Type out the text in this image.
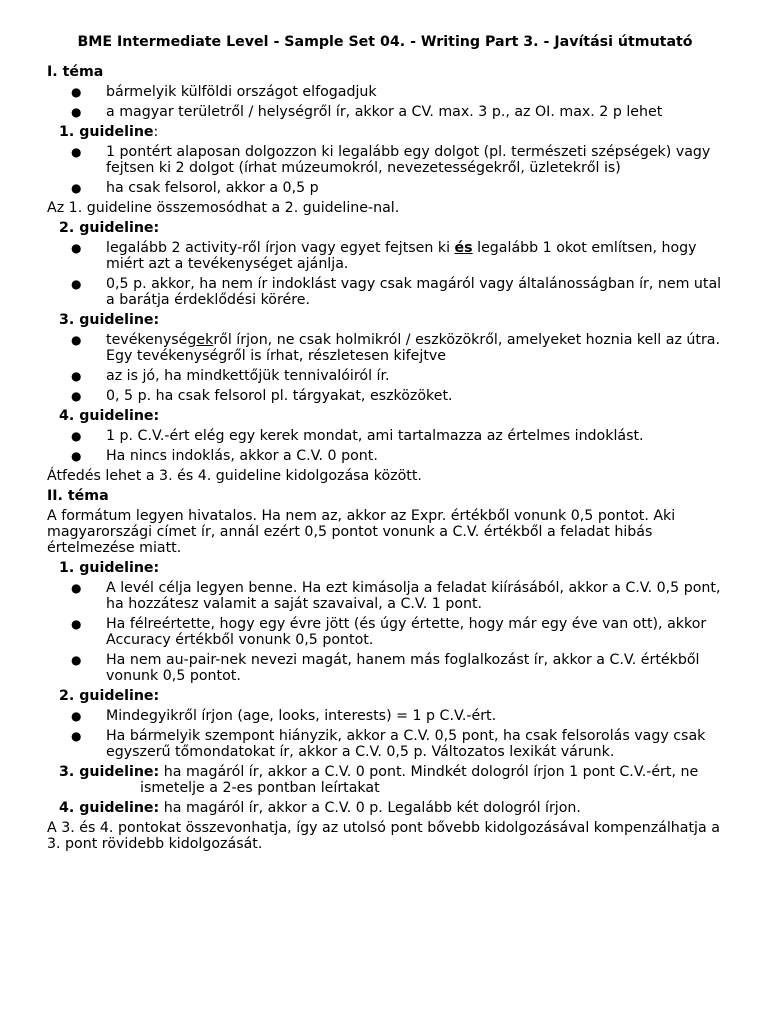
BME Intermediate Level - Sample Set 04. - Writing Part 3. - Javítási útmutató
I. téma
● bármelyik külföldi országot elfogadjuk
● a magyar területről / helységről ír, akkor a CV. max. 3 p., az OI. max. 2 p lehet
1. guideline:
● 1 pontért alaposan dolgozzon ki legalább egy dolgot (pl. természeti szépségek) vagy fejtsen ki 2 dolgot (írhat múzeumokról, nevezetességekről, üzletekről is)
● ha csak felsorol, akkor a 0,5 p
Az 1. guideline összemosódhat a 2. guideline-nal.
2. guideline:
● legalább 2 activity-ről írjon vagy egyet fejtsen ki és legalább 1 okot említsen, hogy miért azt a tevékenységet ajánlja.
● 0,5 p. akkor, ha nem ír indoklást vagy csak magáról vagy általánosságban ír, nem utal a barátja érdeklődési körére.
3. guideline:
● tevékenységekről írjon, ne csak holmikról / eszközökről, amelyeket hoznia kell az útra. Egy tevékenységről is írhat, részletesen kifejtve
● az is jó, ha mindkettőjük tennivalóiról ír.
● 0, 5 p. ha csak felsorol pl. tárgyakat, eszközöket.
4. guideline:
● 1 p. C.V.-ért elég egy kerek mondat, ami tartalmazza az értelmes indoklást.
● Ha nincs indoklás, akkor a C.V. 0 pont.
Átfedés lehet a 3. és 4. guideline kidolgozása között.
II. téma
A formátum legyen hivatalos. Ha nem az, akkor az Expr. értékből vonunk 0,5 pontot. Aki magyarországi címet ír, annál ezért 0,5 pontot vonunk a C.V. értékből a feladat hibás értelmezése miatt.
1. guideline:
● A levél célja legyen benne. Ha ezt kimásolja a feladat kiírásából, akkor a C.V. 0,5 pont, ha hozzátesz valamit a saját szavaival, a C.V. 1 pont.
● Ha félreértette, hogy egy évre jött (és úgy értette, hogy már egy éve van ott), akkor Accuracy értékből vonunk 0,5 pontot.
● Ha nem au-pair-nek nevezi magát, hanem más foglalkozást ír, akkor a C.V. értékből vonunk 0,5 pontot.
2. guideline:
● Mindegyikről írjon (age, looks, interests) = 1 p C.V.-ért.
● Ha bármelyik szempont hiányzik, akkor a C.V. 0,5 pont, ha csak felsorolás vagy csak egyszerű tőmondatokat ír, akkor a C.V. 0,5 p. Változatos lexikát várunk.
3. guideline: ha magáról ír, akkor a C.V. 0 pont. Mindkét dologról írjon 1 pont C.V.-ért, ne ismetelje a 2-es pontban leírtakat
4. guideline: ha magáról ír, akkor a C.V. 0 p. Legalább két dologról írjon.
A 3. és 4. pontokat összevonhatja, így az utolsó pont bővebb kidolgozásával kompenzálhatja a 3. pont rövidebb kidolgozását.
